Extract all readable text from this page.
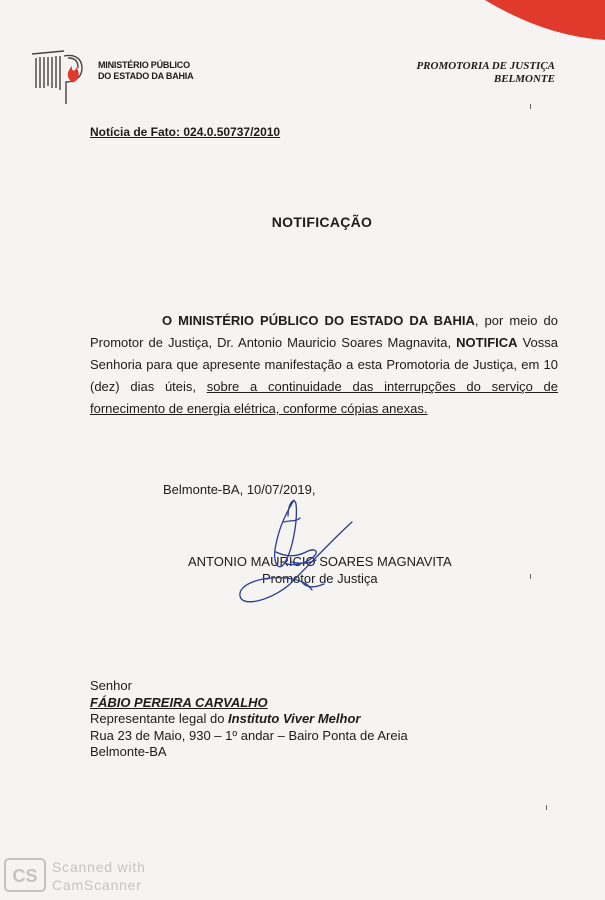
MINISTÉRIO PÚBLICO
DO ESTADO DA BAHIA
PROMOTORIA DE JUSTIÇA
BELMONTE
Notícia de Fato: 024.0.50737/2010
NOTIFICAÇÃO
O MINISTÉRIO PÚBLICO DO ESTADO DA BAHIA, por meio do Promotor de Justiça, Dr. Antonio Mauricio Soares Magnavita, NOTIFICA Vossa Senhoria para que apresente manifestação a esta Promotoria de Justiça, em 10 (dez) dias úteis, sobre a continuidade das interrupções do serviço de fornecimento de energia elétrica, conforme cópias anexas.
Belmonte-BA, 10/07/2019,
ANTONIO MAURICIO SOARES MAGNAVITA
Promotor de Justiça
Senhor
FÁBIO PEREIRA CARVALHO
Representante legal do Instituto Viver Melhor
Rua 23 de Maio, 930 – 1º andar – Bairo Ponta de Areia
Belmonte-BA
CS Scanned with
CamScanner
